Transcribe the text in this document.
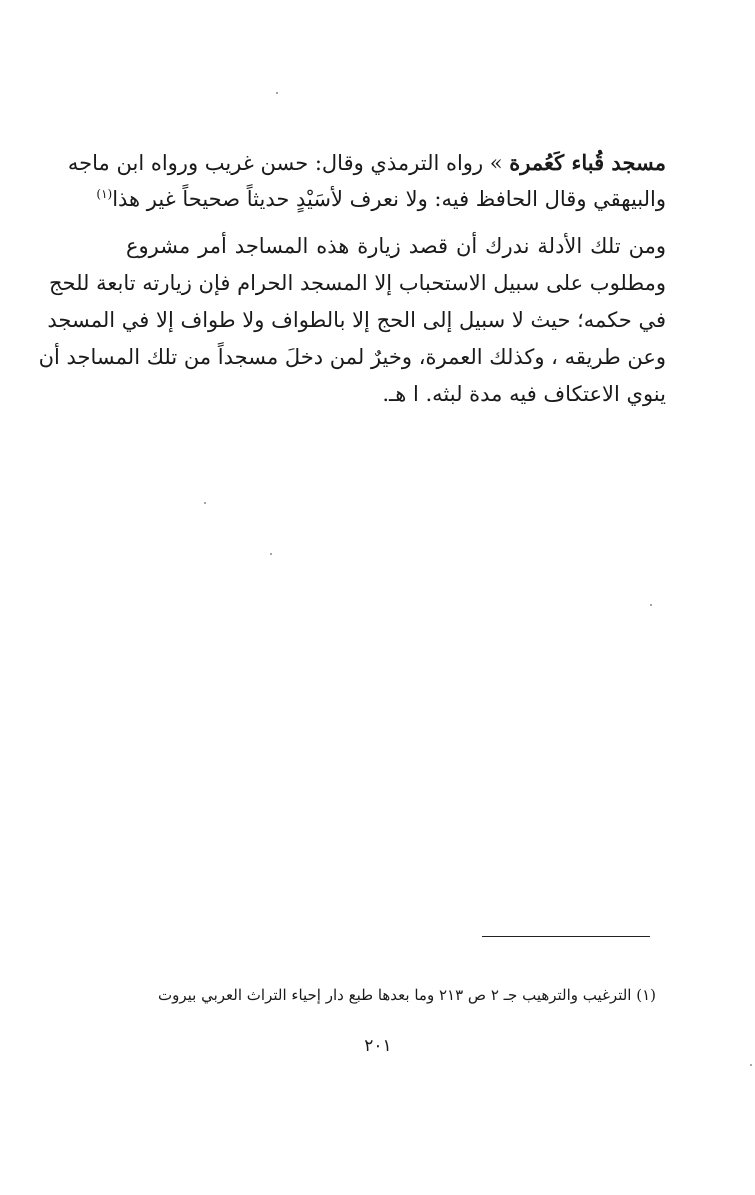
مسجد قُباء كَعُمرة » رواه الترمذي وقال: حسن غريب ورواه ابن ماجه
والبيهقي وقال الحافظ فيه: ولا نعرف لأسَيْدٍ حديثاً صحيحاً غير هذا$^{(١)}$
ومن تلك الأدلة ندرك أن قصد زيارة هذه المساجد أمر مشروع
ومطلوب على سبيل الاستحباب إلا المسجد الحرام فإن زيارته تابعة للحج
في حكمه؛ حيث لا سبيل إلى الحج إلا بالطواف ولا طواف إلا في المسجد
وعن طريقه ، وكذلك العمرة، وخيرٌ لمن دخلَ مسجداً من تلك المساجد أن
ينوي الاعتكاف فيه مدة لبثه. ا هـ.
(١) الترغيب والترهيب جـ ٢ ص ٢١٣ وما بعدها طبع دار إحياء التراث العربي بيروت
٢٠١
